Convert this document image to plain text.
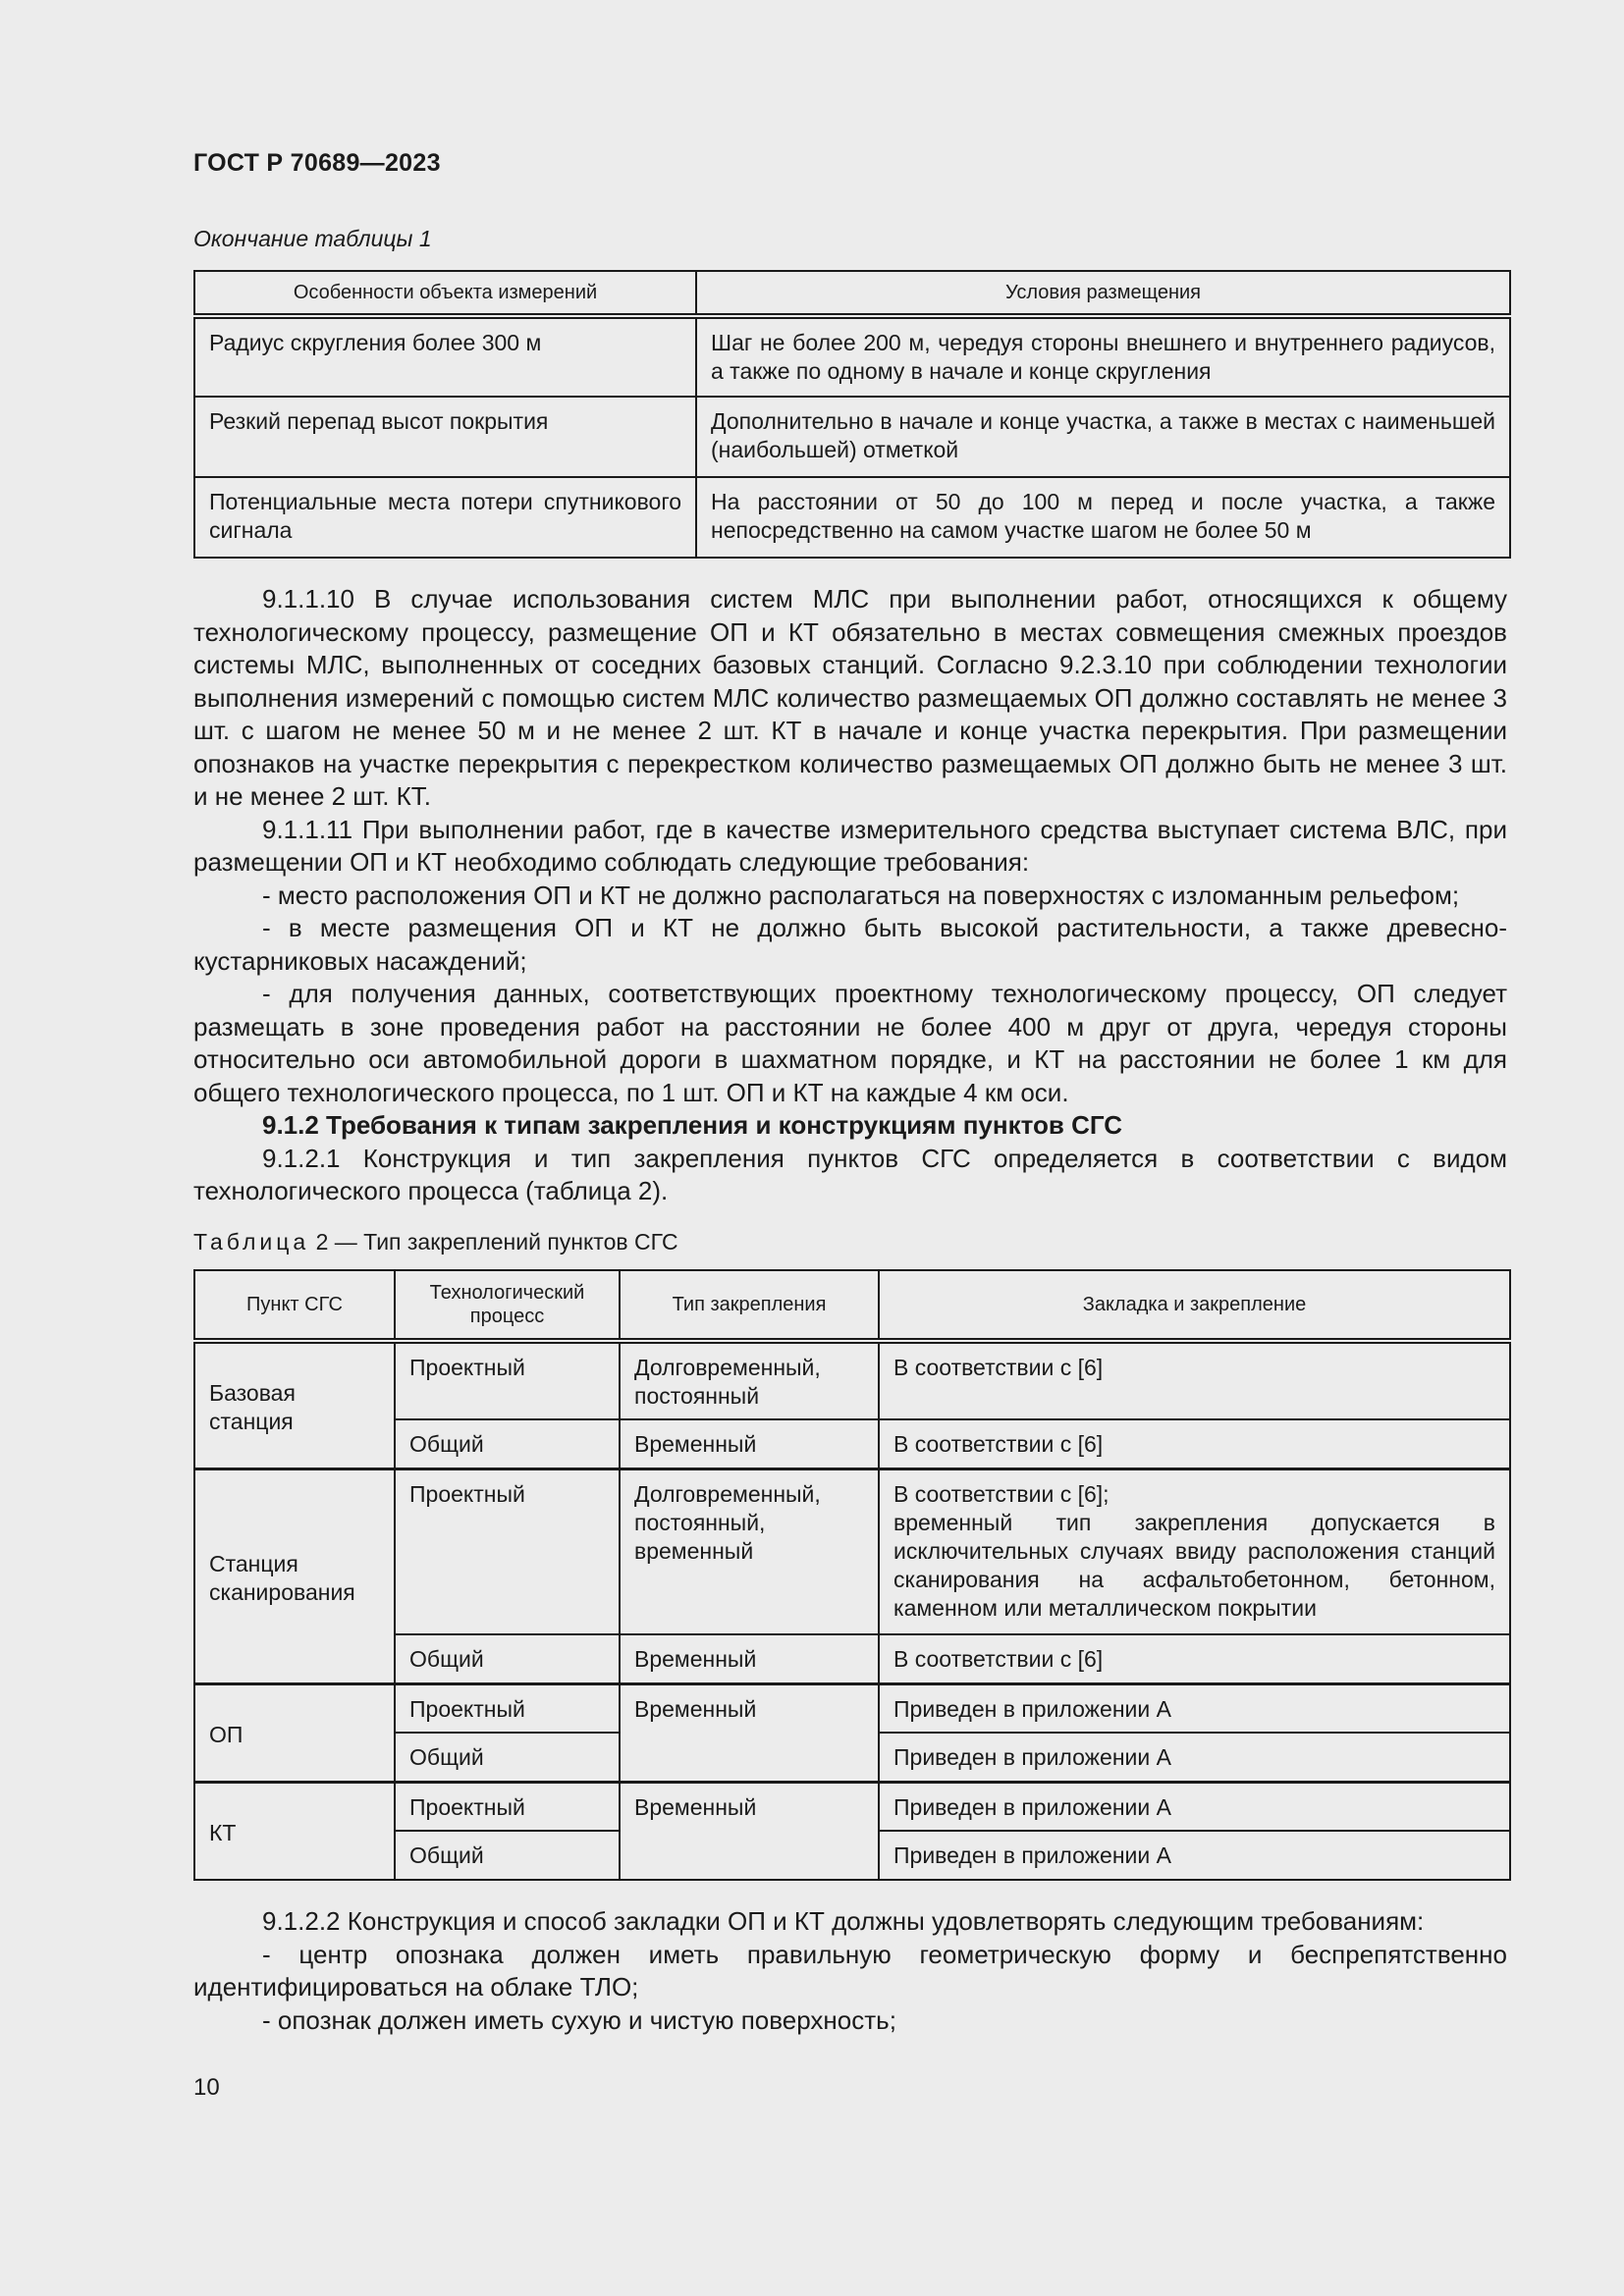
ГОСТ Р 70689—2023
Окончание таблицы 1
Особенности объекта измерений	Условия размещения
Радиус скругления более 300 м	Шаг не более 200 м, чередуя стороны внешнего и внутреннего радиусов, а также по одному в начале и конце скругления
Резкий перепад высот покрытия	Дополнительно в начале и конце участка, а также в местах с наименьшей (наибольшей) отметкой
Потенциальные места потери спутникового сигнала	На расстоянии от 50 до 100 м перед и после участка, а также непосредственно на самом участке шагом не более 50 м

9.1.1.10 В случае использования систем МЛС при выполнении работ, относящихся к общему технологическому процессу, размещение ОП и КТ обязательно в местах совмещения смежных проездов системы МЛС, выполненных от соседних базовых станций. Согласно 9.2.3.10 при соблюдении технологии выполнения измерений с помощью систем МЛС количество размещаемых ОП должно составлять не менее 3 шт. с шагом не менее 50 м и не менее 2 шт. КТ в начале и конце участка перекрытия. При размещении опознаков на участке перекрытия с перекрестком количество размещаемых ОП должно быть не менее 3 шт. и не менее 2 шт. КТ.

9.1.1.11 При выполнении работ, где в качестве измерительного средства выступает система ВЛС, при размещении ОП и КТ необходимо соблюдать следующие требования:

- место расположения ОП и КТ не должно располагаться на поверхностях с изломанным рельефом;

- в месте размещения ОП и КТ не должно быть высокой растительности, а также древесно-кустарниковых насаждений;

- для получения данных, соответствующих проектному технологическому процессу, ОП следует размещать в зоне проведения работ на расстоянии не более 400 м друг от друга, чередуя стороны относительно оси автомобильной дороги в шахматном порядке, и КТ на расстоянии не более 1 км для общего технологического процесса, по 1 шт. ОП и КТ на каждые 4 км оси.

9.1.2 Требования к типам закрепления и конструкциям пунктов СГС

9.1.2.1 Конструкция и тип закрепления пунктов СГС определяется в соответствии с видом технологического процесса (таблица 2).

Таблица 2 — Тип закреплений пунктов СГС
Пункт СГС	Технологический процесс	Тип закрепления	Закладка и закрепление
Базовая станция	Проектный	Долговременный, постоянный	В соответствии с [6]
	Общий	Временный	В соответствии с [6]
Станция сканирования	Проектный	Долговременный, постоянный, временный	В соответствии с [6];
временный тип закрепления допускается в исключительных случаях ввиду расположения станций сканирования на асфальтобетонном, бетонном, каменном или металлическом покрытии

	Общий	Временный	В соответствии с [6]
ОП	Проектный	Временный	Приведен в приложении А
	Общий		Приведен в приложении А
КТ	Проектный	Временный	Приведен в приложении А
	Общий		Приведен в приложении А

9.1.2.2 Конструкция и способ закладки ОП и КТ должны удовлетворять следующим требованиям:

- центр опознака должен иметь правильную геометрическую форму и беспрепятственно идентифицироваться на облаке ТЛО;

- опознак должен иметь сухую и чистую поверхность;

10
